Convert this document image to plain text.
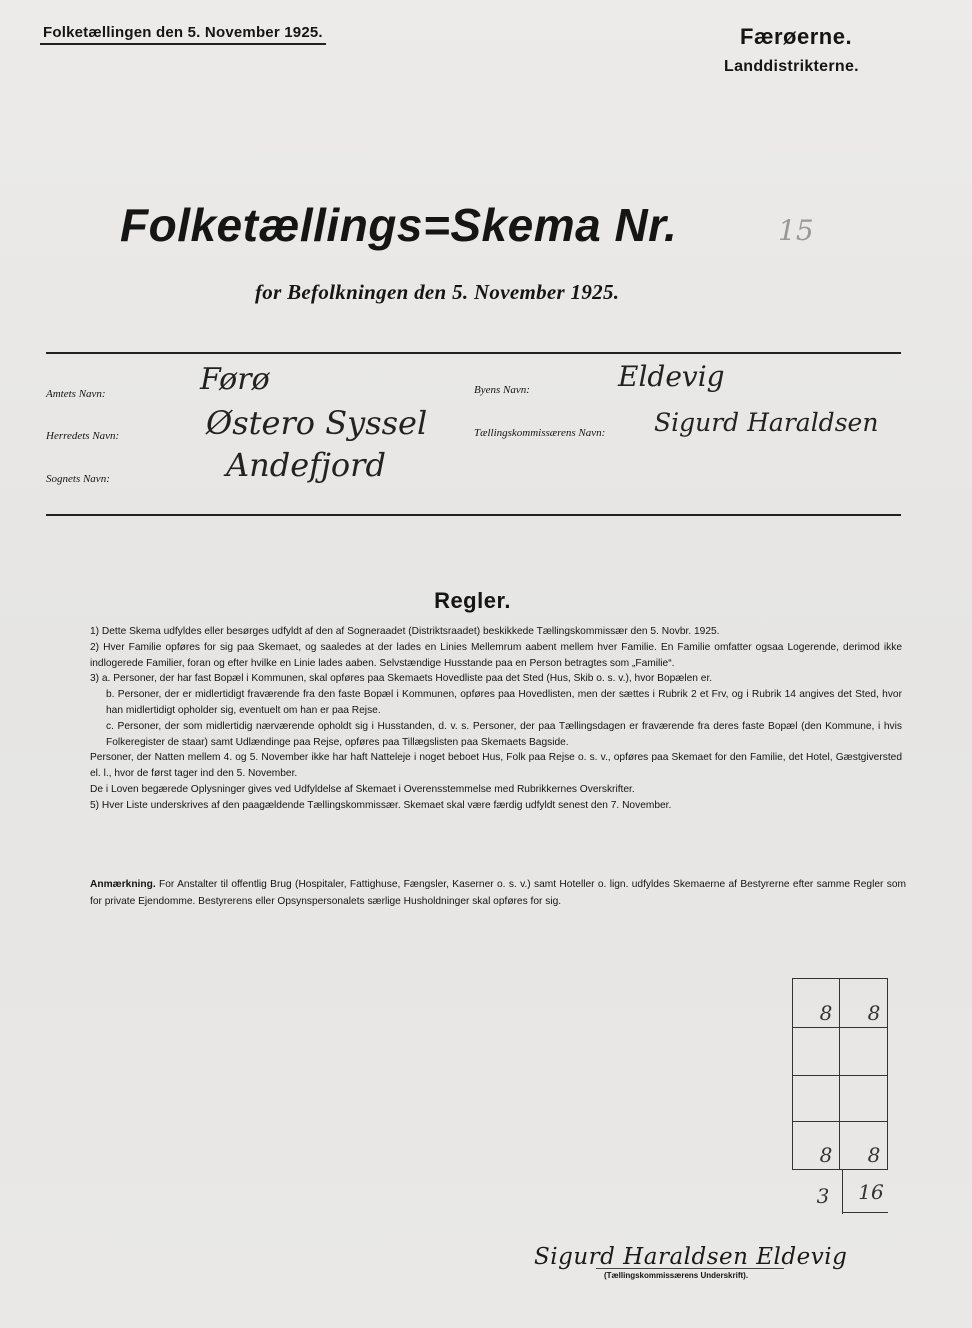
Folketællingen den 5. November 1925.	Færøerne.
Landdistrikterne.
Folketællings=Skema Nr.	15
for Befolkningen den 5. November 1925.
Amtets Navn:	Førø	Byens Navn:	Eldevig
Herredets Navn:	Østero Syssel	Tællingskommissærens Navn: Sigurd Haraldsen
Sognets Navn:	Andefjord
Regler.

1) Dette Skema udfyldes eller besørges udfyldt af den af Sogneraadet (Distriktsraadet) beskikkede Tællingskommissær den 5. Novbr. 1925.

2) Hver Familie opføres for sig paa Skemaet, og saaledes at der lades en Linies Mellemrum aabent mellem hver Familie. En Familie omfatter ogsaa Logerende, derimod ikke indlogerede Familier, foran og efter hvilke en Linie lades aaben. Selvstændige Husstande paa en Person betragtes som „Familie“.

3) a. Personer, der har fast Bopæl i Kommunen, skal opføres paa Skemaets Hovedliste paa det Sted (Hus, Skib o. s. v.), hvor Bopælen er.

b. Personer, der er midlertidigt fraværende fra den faste Bopæl i Kommunen, opføres paa Hovedlisten, men der sættes i Rubrik 2 et Frv, og i Rubrik 14 angives det Sted, hvor han midlertidigt opholder sig, eventuelt om han er paa Rejse.

c. Personer, der som midlertidig nærværende opholdt sig i Husstanden, d. v. s. Personer, der paa Tællingsdagen er fraværende fra deres faste Bopæl (den Kommune, i hvis Folkeregister de staar) samt Udlændinge paa Rejse, opføres paa Tillægslisten paa Skemaets Bagside.

Personer, der Natten mellem 4. og 5. November ikke har haft Natteleje i noget beboet Hus, Folk paa Rejse o. s. v., opføres paa Skemaet for den Familie, det Hotel, Gæstgiversted el. l., hvor de først tager ind den 5. November.

De i Loven begærede Oplysninger gives ved Udfyldelse af Skemaet i Overensstemmelse med Rubrikkernes Overskrifter.

5) Hver Liste underskrives af den paagældende Tællingskommissær. Skemaet skal være færdig udfyldt senest den 7. November.

Anmærkning. For Anstalter til offentlig Brug (Hospitaler, Fattighuse, Fængsler, Kaserner o. s. v.) samt Hoteller o. lign. udfyldes Skemaerne af Bestyrerne efter samme Regler som for private Ejendomme. Bestyrerens eller Opsynspersonalets særlige Husholdninger skal opføres for sig.

8	8
8	8
3	16
Sigurd Haraldsen Eldevig
(Tællingskommissærens Underskrift).
